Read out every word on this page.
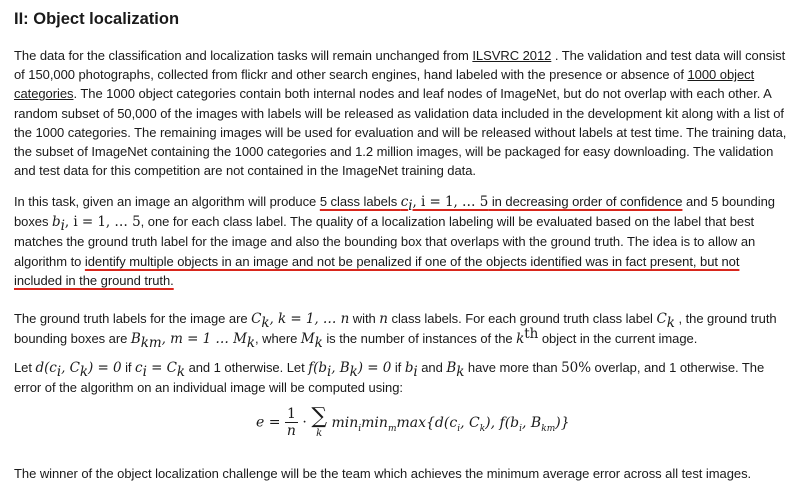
II: Object localization

The data for the classification and localization tasks will remain unchanged from ILSVRC 2012 . The validation and test data will consist of 150,000 photographs, collected from flickr and other search engines, hand labeled with the presence or absence of 1000 object categories. The 1000 object categories contain both internal nodes and leaf nodes of ImageNet, but do not overlap with each other. A random subset of 50,000 of the images with labels will be released as validation data included in the development kit along with a list of the 1000 categories. The remaining images will be used for evaluation and will be released without labels at test time. The training data, the subset of ImageNet containing the 1000 categories and 1.2 million images, will be packaged for easy downloading. The validation and test data for this competition are not contained in the ImageNet training data.

In this task, given an image an algorithm will produce 5 class labels $c_i$, i = 1, … 5 in decreasing order of confidence and 5 bounding boxes $b_i$, i = 1, … 5, one for each class label. The quality of a localization labeling will be evaluated based on the label that best matches the ground truth label for the image and also the bounding box that overlaps with the ground truth. The idea is to allow an algorithm to identify multiple objects in an image and not be penalized if one of the objects identified was in fact present, but not included in the ground truth.

The ground truth labels for the image are $C_k$, k = 1, … n with n class labels. For each ground truth class label $C_k$ , the ground truth bounding boxes are $B_{km}$, m = 1 … $M_k$, where $M_k$ is the number of instances of the $k^{th}$ object in the current image.

Let $d(c_i$, $C_k) = 0$ if $c_i = C_k$ and 1 otherwise. Let $f(b_i$, $B_k) = 0$ if $b_i$ and $B_k$ have more than 50% overlap, and 1 otherwise. The error of the algorithm on an individual image will be computed using:

$e = \frac{1}{n}$ · ∑
k
$\min_i\min_m\max\{d(c_i$, $C_k$), $f(b_i$, $B_{km}$)}

The winner of the object localization challenge will be the team which achieves the minimum average error across all test images.
